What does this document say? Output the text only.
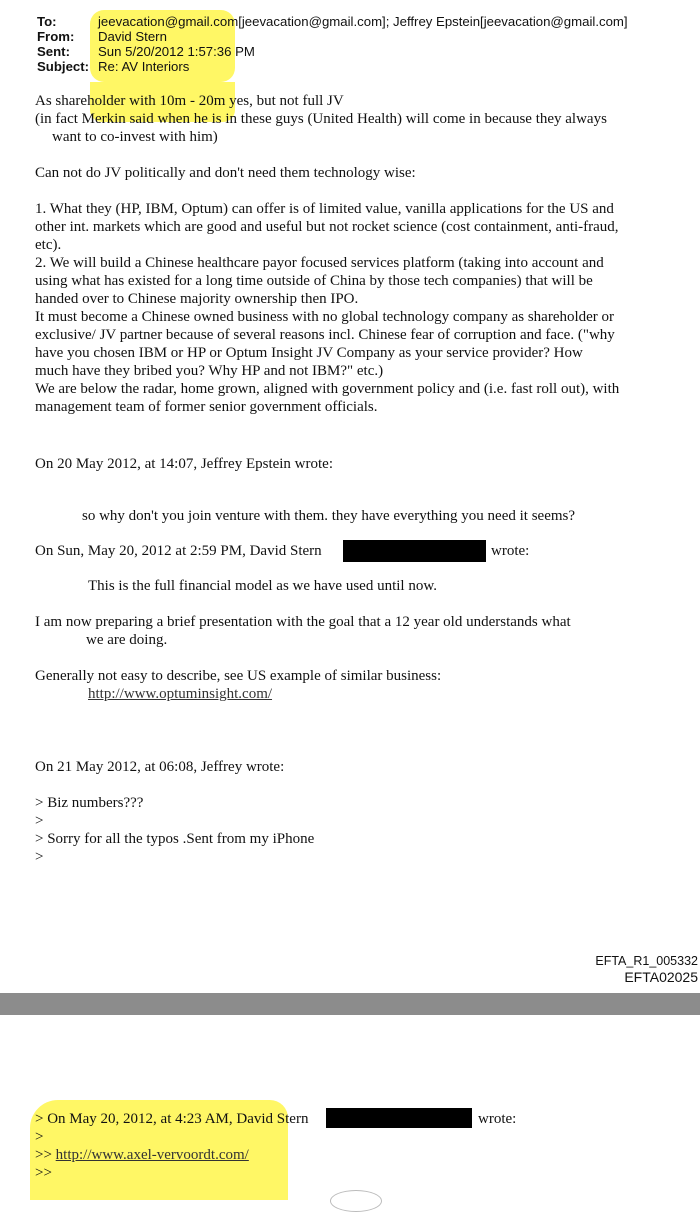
To:	jeevacation@gmail.com[jeevacation@gmail.com]; Jeffrey Epstein[jeevacation@gmail.com]
From: David Stern
Sent: Sun 5/20/2012 1:57:36 PM
Subject: Re: AV Interiors
As shareholder with 10m - 20m yes, but not full JV
(in fact Merkin said when he is in these guys (United Health) will come in because they always
want to co-invest with him)
Can not do JV politically and don't need them technology wise:
1. What they (HP, IBM, Optum) can offer is of limited value, vanilla applications for the US and
other int. markets which are good and useful but not rocket science (cost containment, anti-fraud,
etc).
2. We will build a Chinese healthcare payor focused services platform (taking into account and
using what has existed for a long time outside of China by those tech companies) that will be
handed over to Chinese majority ownership then IPO.
It must become a Chinese owned business with no global technology company as shareholder or
exclusive/ JV partner because of several reasons incl. Chinese fear of corruption and face. ("why
have you chosen IBM or HP or Optum Insight JV Company as your service provider? How
much have they bribed you? Why HP and not IBM?" etc.)
We are below the radar, home grown, aligned with government policy and (i.e. fast roll out), with
management team of former senior government officials.
On 20 May 2012, at 14:07, Jeffrey Epstein wrote:
so why don't you join venture with them. they have everything you need it seems?
On Sun, May 20, 2012 at 2:59 PM, David Stern	wrote:
This is the full financial model as we have used until now.
I am now preparing a brief presentation with the goal that a 12 year old understands what
we are doing.
Generally not easy to describe, see US example of similar business:
http://www.optuminsight.com/
On 21 May 2012, at 06:08, Jeffrey wrote:
> Biz numbers???
>
> Sorry for all the typos .Sent from my iPhone
>
EFTA_R1_005332
EFTA02025
> On May 20, 2012, at 4:23 AM, David Stern	wrote:
>
>> http://www.axel-vervoordt.com/
>>
